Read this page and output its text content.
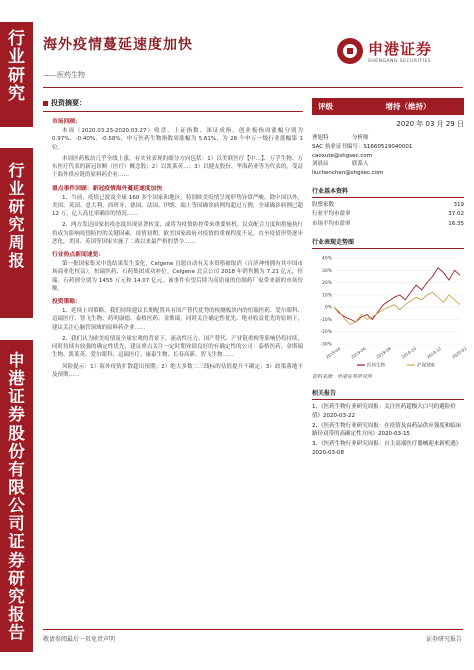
行
业
研
究
行
业
研
究
周
报
申
港
证
券
股
份
有
限
公
司
证
券
研
究
报
告
海外疫情蔓延速度加快
——医药生物
申港证券
SHENGANG SECURITIES
投资摘要：
市场回顾：

本周（2020.03.23-2020.03.27）收盘，上证指数、深证成指、创业板指周涨幅分别为 0.97%、-0.40%、-0.58%，申万医药生物指数周涨幅为 5.61%，为 28 个申万一级行业涨幅第 1 位。

本周医药板块几乎全线上涨，有实业表现的细分方向包括：1）以美联医疗【中…】、万孚生物、万东医疗代表的新冠诊断（医疗）概念股；2）以凯莱英…；3）以健友股份、华海药业等为代表的，受益于海外供应链的原料药企业……

重点事件回顾：新冠疫情海外蔓延速度加快

1、当前，疫情已波及全球 160 多个国家和地区，特别欧美疫情呈现形势异常严峻，除中国以外，美国、英国、意大利、西班牙、德国、法国、伊朗、瑞士等国确诊病例均超过万例，全球确诊病例已超 12 万，亿人高比率确诊的情况……

2、两方发达国家抗疫态度出现显著转变，或将为疫情防控带来重要转机。民众配合力度和措施执行将成为影响疫情防控的关键因素。疫情初期，欧美国家政府对疫情的重视程度不足，直至疫情形势逐步恶化，美国、英国等国家实施了二战以来最严格的禁令……

行业热点新闻速览：

第一批国家集采中选结果发生变化，Celgene 自愿自动有关本资格被取消（百济神州拥有其中国市场商业化权益）。恒瑞医药、石药集团成功补位。Celgene 北京公司 2018 年销售额为 7.21 亿元，恒瑞、石药则分别为 1455 万元和 14.07 亿元，该事件有望后续为高质量的仿制药厂家带来新的市场份额。

投资策略：

1、延续上周策略，我们持续建议长期配置具有国产替代优势的检测板块内的恒瑞医药、爱尔眼科、迈瑞医疗、智飞生物、药明康德、泰格医药、金斯瑞，同时关注确定性优先、绝对收益优先的原则下，建议关注心脑管领域的原料药企业……

2、我们认为欧美疫情及全球宏观的背景下，流动性压力、国产替代、产业链重构等影响仍将持续，同时持续有较强的确定性优先，建议重点关注一定时期业绩良好的有确定性的公司：泰格医药、金斯瑞生物、凯莱英、爱尔眼科、迈瑞医疗、康泰生物、长春高新、智飞生物……

风险提示：1）海外疫情扩散超出预期；2）绝大多数二三线标的估值提升不确定；3）政策落地不及预期……

评级	增持（维持）
2020 年 03 月 29 日
曹旭特	分析师
SAC 执业证书编号： S1660519040001
caoxute@shgsec.com
刘晨辰	联系人
liuchenchen@shgsec.com
行业基本资料
股票家数	319
行业平均市盈率	37.02
市场平均市盈率	16.35
行业表现走势图
40%
30%
20%
10%
0%
-10%
-20%
-30%
2019-04 2019-06 2019-08 2019-10 2019-12 2020-02
医药生物	沪深300
资料来源：申港证券研究所
相关报告
1、《医药生物行业研究周报：关注医药超级大白马的避险价值》2020-03-22
2、《医药生物行业研究周报：在疫情及由药品供应强度和临床路径双带的高确定性方向》2020-03-15
3、《医药生物行业研究周报：自主高端医疗器械迎来新机遇》2020-03-08
敬请参阅最后一页免责声明	证券研究报告
